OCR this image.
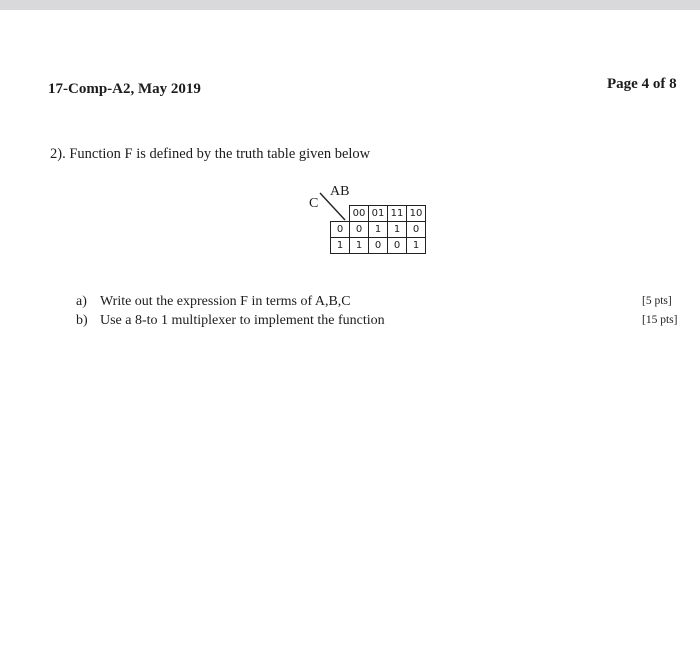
17-Comp-A2, May 2019	Page 4 of 8
2). Function F is defined by the truth table given below
C
AB
	00	01	11	10
0	0	1	1	0
1	1	0	0	1
a) Write out the expression F in terms of A,B,C
b) Use a 8-to 1 multiplexer to implement the function
[5 pts]
[15 pts]
